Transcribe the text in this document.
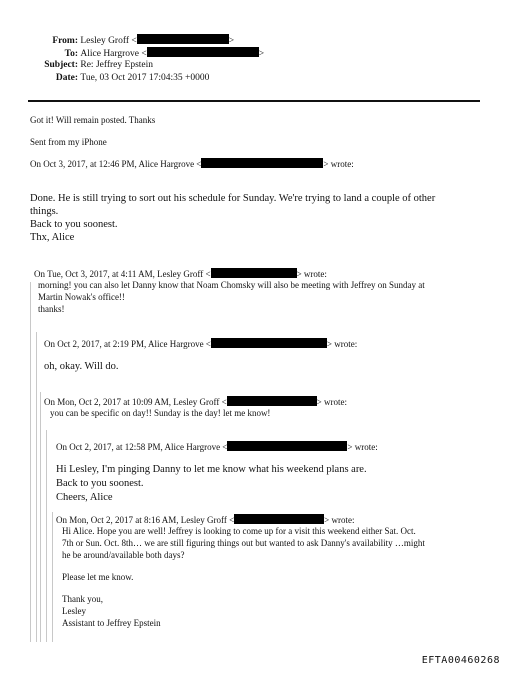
From: Lesley Groff <	>
To: Alice Hargrove <	>
Subject: Re: Jeffrey Epstein
Date: Tue, 03 Oct 2017 17:04:35 +0000
Got it! Will remain posted. Thanks
Sent from my iPhone
On Oct 3, 2017, at 12:46 PM, Alice Hargrove <	> wrote:
Done. He is still trying to sort out his schedule for Sunday. We're trying to land a couple of other
things.
Back to you soonest.
Thx, Alice
On Tue, Oct 3, 2017, at 4:11 AM, Lesley Groff <	> wrote:
morning! you can also let Danny know that Noam Chomsky will also be meeting with Jeffrey on Sunday at
Martin Nowak's office!!
thanks!
On Oct 2, 2017, at 2:19 PM, Alice Hargrove <	> wrote:
oh, okay. Will do.
On Mon, Oct 2, 2017 at 10:09 AM, Lesley Groff <	> wrote:
you can be specific on day!! Sunday is the day! let me know!
On Oct 2, 2017, at 12:58 PM, Alice Hargrove <	> wrote:
Hi Lesley, I'm pinging Danny to let me know what his weekend plans are.
Back to you soonest.
Cheers, Alice
On Mon, Oct 2, 2017 at 8:16 AM, Lesley Groff <	> wrote:
Hi Alice. Hope you are well! Jeffrey is looking to come up for a visit this weekend either Sat. Oct.
7th or Sun. Oct. 8th… we are still figuring things out but wanted to ask Danny's availability …might
he be around/available both days?
Please let me know.
Thank you,
Lesley
Assistant to Jeffrey Epstein
EFTA00460268
